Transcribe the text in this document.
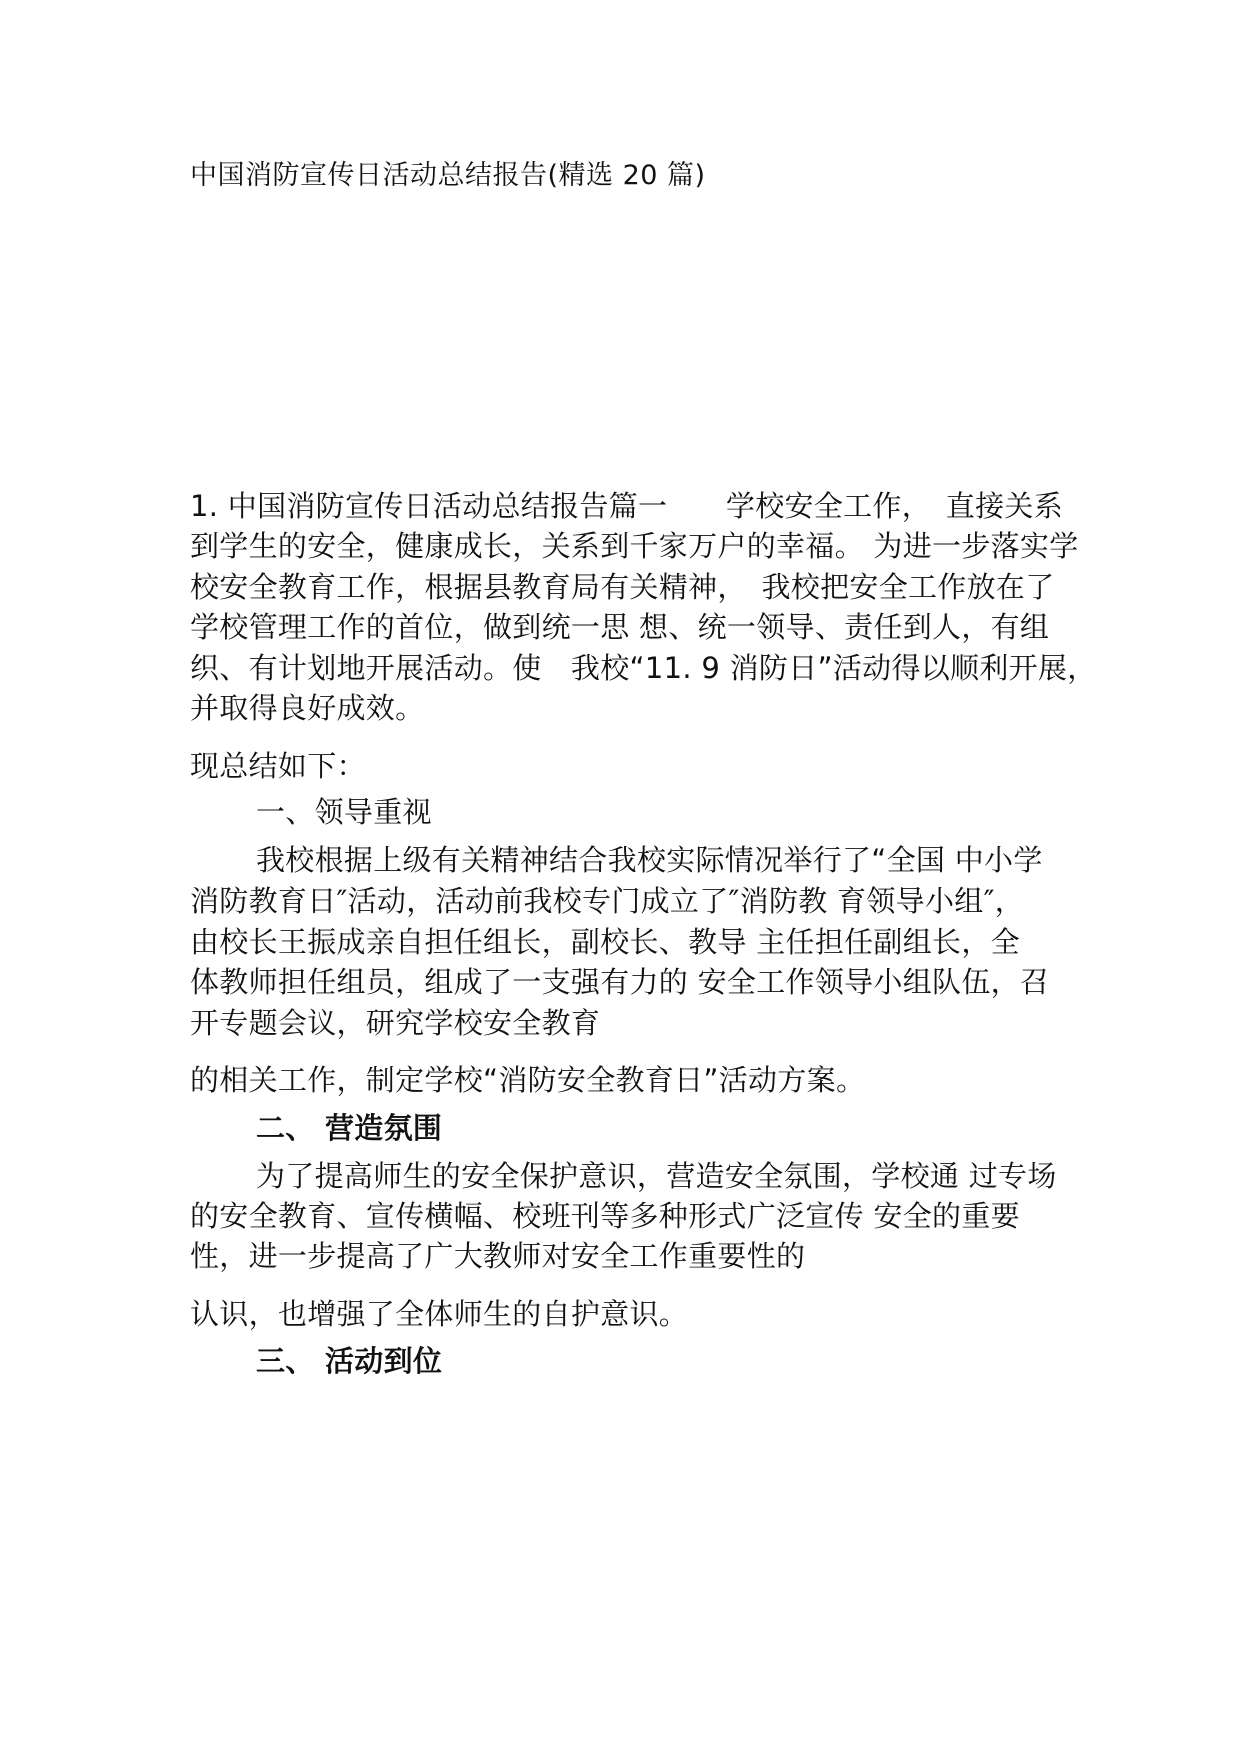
中国消防宣传日活动总结报告(精选 20 篇)
1. 中国消防宣传日活动总结报告篇一　　学校安全工作，　直接关系
到学生的安全，健康成长，关系到千家万户的幸福。 为进一步落实学
校安全教育工作，根据县教育局有关精神，　我校把安全工作放在了
学校管理工作的首位，做到统一思 想、统一领导、责任到人，有组
织、有计划地开展活动。使　我校“11. 9 消防日”活动得以顺利开展，
并取得良好成效。
现总结如下：
一、领导重视
我校根据上级有关精神结合我校实际情况举行了“全国 中小学
消防教育日″活动，活动前我校专门成立了″消防教 育领导小组″，
由校长王振成亲自担任组长，副校长、教导 主任担任副组长，全
体教师担任组员，组成了一支强有力的 安全工作领导小组队伍，召
开专题会议，研究学校安全教育
的相关工作，制定学校“消防安全教育日”活动方案。
二、 营造氛围
为了提高师生的安全保护意识，营造安全氛围，学校通 过专场
的安全教育、宣传横幅、校班刊等多种形式广泛宣传 安全的重要
性，进一步提高了广大教师对安全工作重要性的
认识，也增强了全体师生的自护意识。
三、 活动到位
